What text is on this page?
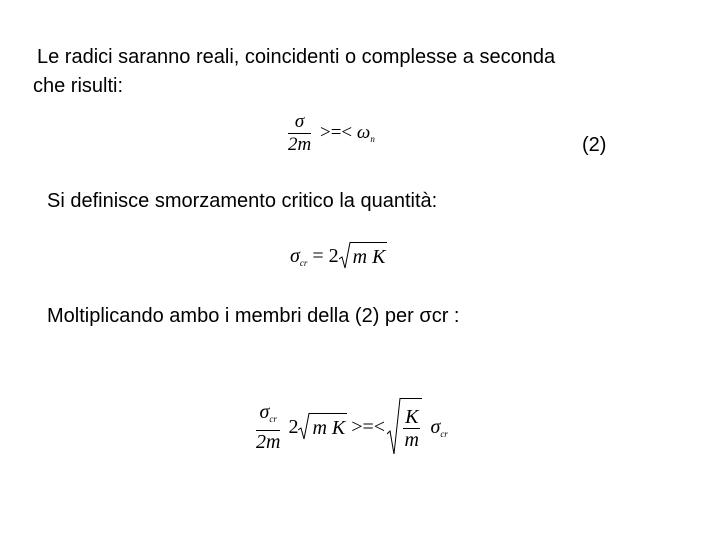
Le radici saranno reali, coincidenti o complesse a seconda
che risulti:
$\frac{\sigma}{2m}$ >=< $\omega_n$	(2)
Si definisce smorzamento critico la quantità:
$\sigma_{cr} = 2$ m K
Moltiplicando ambo i membri della (2) per σcr :
$\frac{\sigma_{cr}}{2m} 2$ m K >=< $\frac{K}{m} \sigma_{cr}$
